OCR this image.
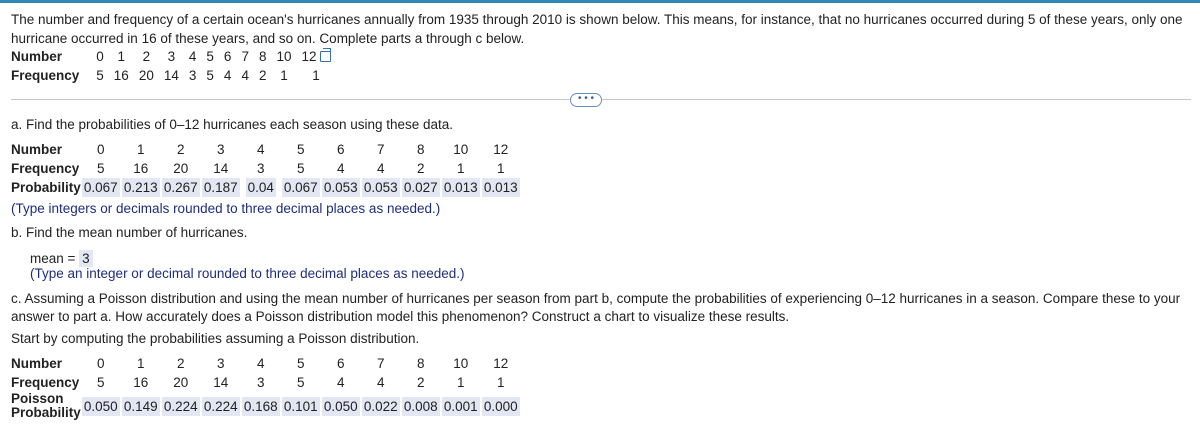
The number and frequency of a certain ocean's hurricanes annually from 1935 through 2010 is shown below. This means, for instance, that no hurricanes occurred during 5 of these years, only one hurricane occurred in 16 of these years, and so on. Complete parts a through c below.
Number	0	1	2	3	4	5	6	7	8	10	12
Frequency	5	16	20	14	3	5	4	4	2	1	1
• • •
a. Find the probabilities of 0–12 hurricanes each season using these data.
Number	0	1	2	3	4	5	6	7	8	10	12
Frequency	5	16	20	14	3	5	4	4	2	1	1
Probability	0.067	0.213	0.267	0.187	0.04	0.067	0.053	0.053	0.027	0.013	0.013
(Type integers or decimals rounded to three decimal places as needed.)
b. Find the mean number of hurricanes.
mean = 3
(Type an integer or decimal rounded to three decimal places as needed.)
c. Assuming a Poisson distribution and using the mean number of hurricanes per season from part b, compute the probabilities of experiencing 0–12 hurricanes in a season. Compare these to your answer to part a. How accurately does a Poisson distribution model this phenomenon? Construct a chart to visualize these results.
Start by computing the probabilities assuming a Poisson distribution.
Number	0	1	2	3	4	5	6	7	8	10	12
Frequency	5	16	20	14	3	5	4	4	2	1	1

Poisson
Probability	0.050	0.149	0.224	0.224	0.168	0.101	0.050	0.022	0.008	0.001	0.000
